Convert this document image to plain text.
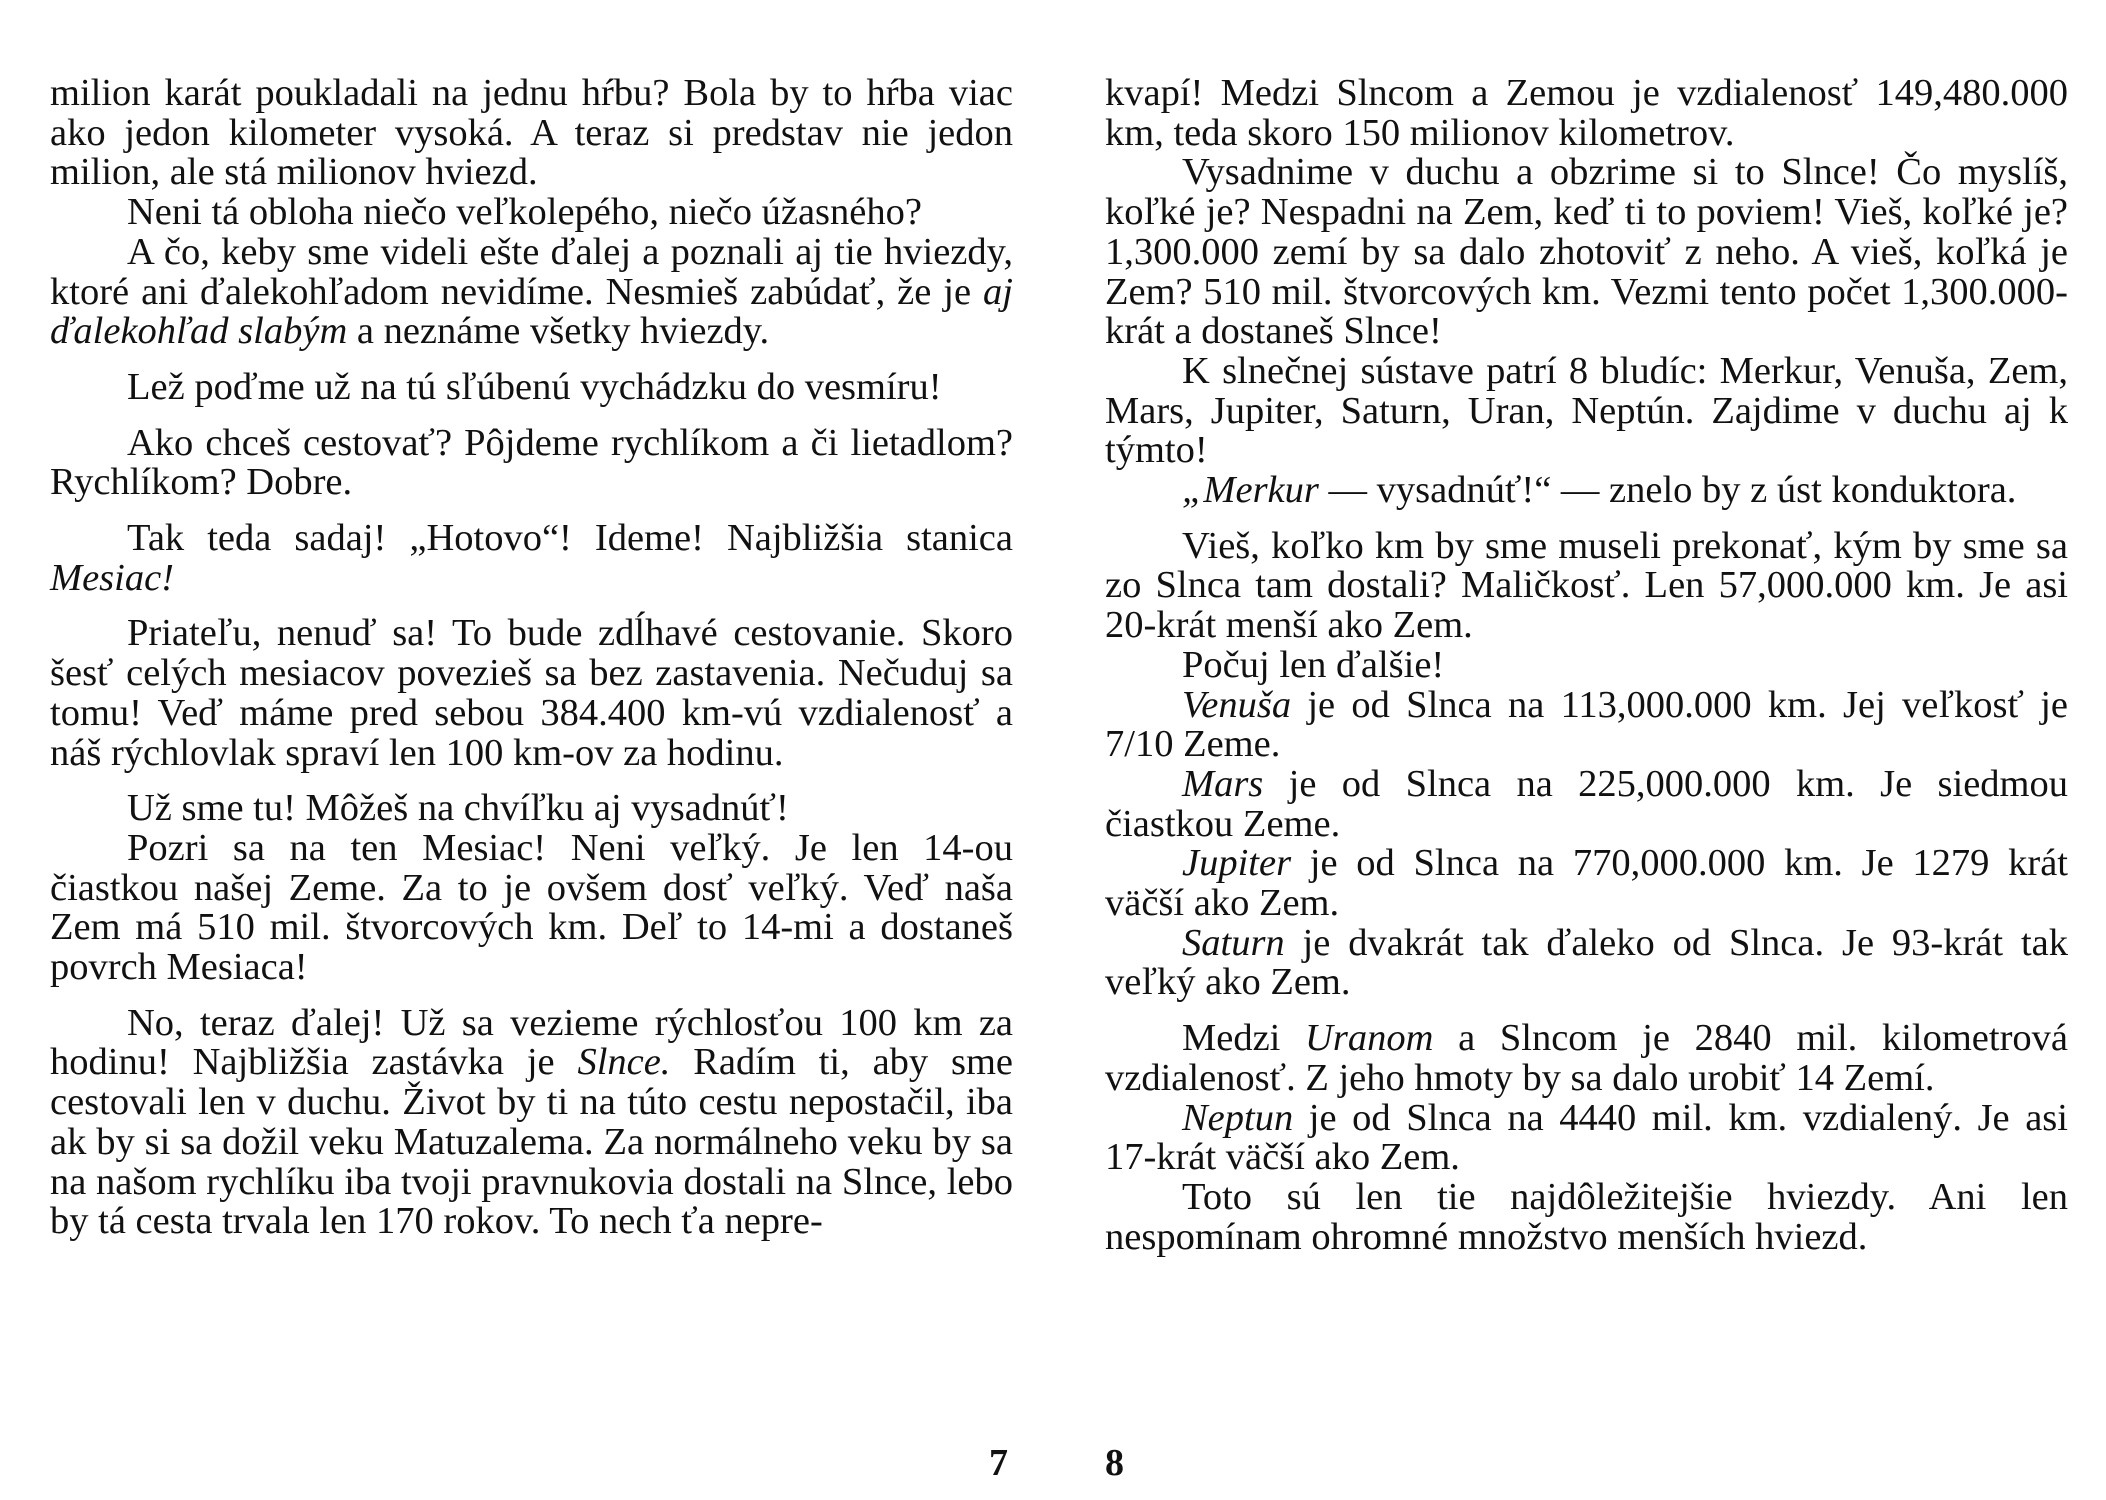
milion karát poukladali na jednu hŕbu? Bola by to hŕba viac ako jedon kilometer vysoká. A teraz si predstav nie jedon milion, ale stá milionov hviezd.

Neni tá obloha niečo veľkolepého, niečo úžasného?

A čo, keby sme videli ešte ďalej a poznali aj tie hviezdy, ktoré ani ďalekohľadom nevidíme. Nesmieš zabúdať, že je aj ďalekohľad slabým a neznáme všetky hviezdy.

Lež poďme už na tú sľúbenú vychádzku do vesmíru!

Ako chceš cestovať? Pôjdeme rychlíkom a či lietadlom? Rychlíkom? Dobre.

Tak teda sadaj! „Hotovo“! Ideme! Najbližšia stanica Mesiac!

Priateľu, nenuď sa! To bude zdĺhavé cestovanie. Skoro šesť celých mesiacov povezieš sa bez zastavenia. Nečuduj sa tomu! Veď máme pred sebou 384.400 km-vú vzdialenosť a náš rýchlovlak spraví len 100 km-ov za hodinu.

Už sme tu! Môžeš na chvíľku aj vysadnúť!

Pozri sa na ten Mesiac! Neni veľký. Je len 14-ou čiastkou našej Zeme. Za to je ovšem dosť veľký. Veď naša Zem má 510 mil. štvorcových km. Deľ to 14-mi a dostaneš povrch Mesiaca!

No, teraz ďalej! Už sa vezieme rýchlosťou 100 km za hodinu! Najbližšia zastávka je Slnce. Radím ti, aby sme cestovali len v duchu. Život by ti na túto cestu nepostačil, iba ak by si sa dožil veku Matuzalema. Za normálneho veku by sa na našom rychlíku iba tvoji pravnukovia dostali na Slnce, lebo by tá cesta trvala len 170 rokov. To nech ťa nepre-

kvapí! Medzi Slncom a Zemou je vzdialenosť 149,480.000 km, teda skoro 150 milionov kilometrov.

Vysadnime v duchu a obzrime si to Slnce! Čo myslíš, koľké je? Nespadni na Zem, keď ti to poviem! Vieš, koľké je? 1,300.000 zemí by sa dalo zhotoviť z neho. A vieš, koľká je Zem? 510 mil. štvorcových km. Vezmi tento počet 1,300.000-krát a dostaneš Slnce!

K slnečnej sústave patrí 8 bludíc: Merkur, Venuša, Zem, Mars, Jupiter, Saturn, Uran, Neptún. Zajdime v duchu aj k týmto!

„Merkur — vysadnúť!“ — znelo by z úst konduktora.

Vieš, koľko km by sme museli prekonať, kým by sme sa zo Slnca tam dostali? Maličkosť. Len 57,000.000 km. Je asi 20-krát menší ako Zem.

Počuj len ďalšie!

Venuša je od Slnca na 113,000.000 km. Jej veľkosť je 7/10 Zeme.

Mars je od Slnca na 225,000.000 km. Je siedmou čiastkou Zeme.

Jupiter je od Slnca na 770,000.000 km. Je 1279 krát väčší ako Zem.

Saturn je dvakrát tak ďaleko od Slnca. Je 93-krát tak veľký ako Zem.

Medzi Uranom a Slncom je 2840 mil. kilometrová vzdialenosť. Z jeho hmoty by sa dalo urobiť 14 Zemí.

Neptun je od Slnca na 4440 mil. km. vzdialený. Je asi 17-krát väčší ako Zem.

Toto sú len tie najdôležitejšie hviezdy. Ani len nespomínam ohromné množstvo menších hviezd.

7	8
